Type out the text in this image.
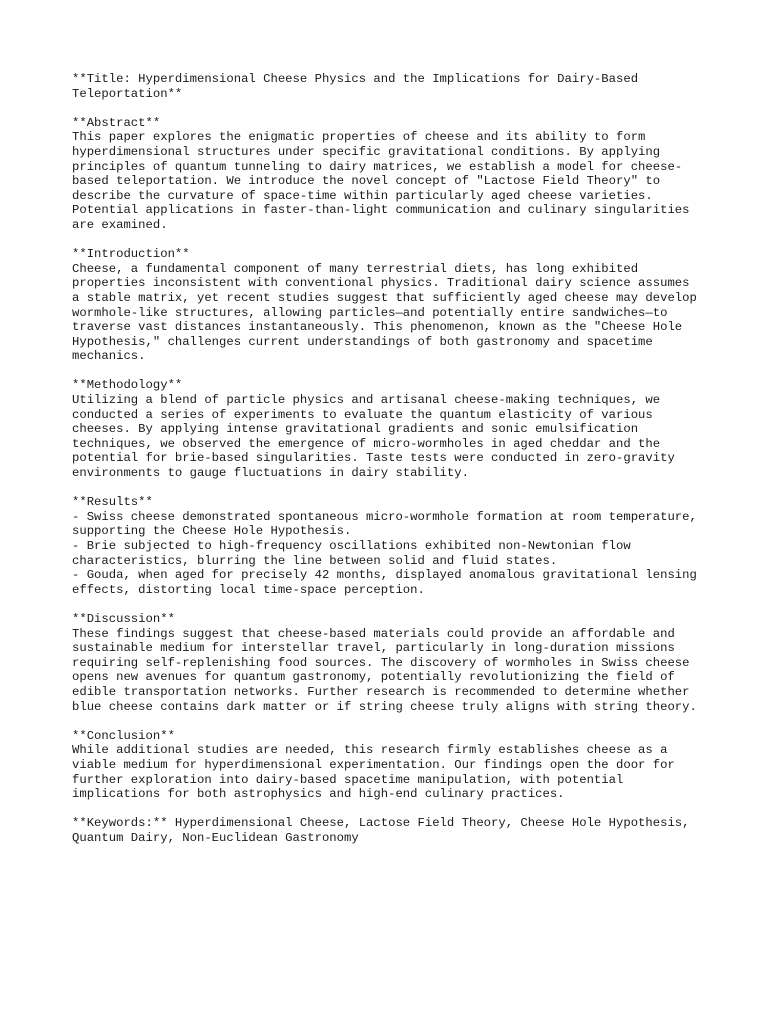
**Title: Hyperdimensional Cheese Physics and the Implications for Dairy-Based Teleportation**
**Abstract**
This paper explores the enigmatic properties of cheese and its ability to form hyperdimensional structures under specific gravitational conditions. By applying principles of quantum tunneling to dairy matrices, we establish a model for cheese-based teleportation. We introduce the novel concept of "Lactose Field Theory" to describe the curvature of space-time within particularly aged cheese varieties. Potential applications in faster-than-light communication and culinary singularities are examined.
**Introduction**
Cheese, a fundamental component of many terrestrial diets, has long exhibited properties inconsistent with conventional physics. Traditional dairy science assumes a stable matrix, yet recent studies suggest that sufficiently aged cheese may develop wormhole-like structures, allowing particles—and potentially entire sandwiches—to traverse vast distances instantaneously. This phenomenon, known as the "Cheese Hole Hypothesis," challenges current understandings of both gastronomy and spacetime mechanics.
**Methodology**
Utilizing a blend of particle physics and artisanal cheese-making techniques, we conducted a series of experiments to evaluate the quantum elasticity of various cheeses. By applying intense gravitational gradients and sonic emulsification techniques, we observed the emergence of micro-wormholes in aged cheddar and the potential for brie-based singularities. Taste tests were conducted in zero-gravity environments to gauge fluctuations in dairy stability.
**Results**
- Swiss cheese demonstrated spontaneous micro-wormhole formation at room temperature, supporting the Cheese Hole Hypothesis.
- Brie subjected to high-frequency oscillations exhibited non-Newtonian flow characteristics, blurring the line between solid and fluid states.
- Gouda, when aged for precisely 42 months, displayed anomalous gravitational lensing effects, distorting local time-space perception.
**Discussion**
These findings suggest that cheese-based materials could provide an affordable and sustainable medium for interstellar travel, particularly in long-duration missions requiring self-replenishing food sources. The discovery of wormholes in Swiss cheese opens new avenues for quantum gastronomy, potentially revolutionizing the field of edible transportation networks. Further research is recommended to determine whether blue cheese contains dark matter or if string cheese truly aligns with string theory.
**Conclusion**
While additional studies are needed, this research firmly establishes cheese as a viable medium for hyperdimensional experimentation. Our findings open the door for further exploration into dairy-based spacetime manipulation, with potential implications for both astrophysics and high-end culinary practices.
**Keywords:** Hyperdimensional Cheese, Lactose Field Theory, Cheese Hole Hypothesis, Quantum Dairy, Non-Euclidean Gastronomy
